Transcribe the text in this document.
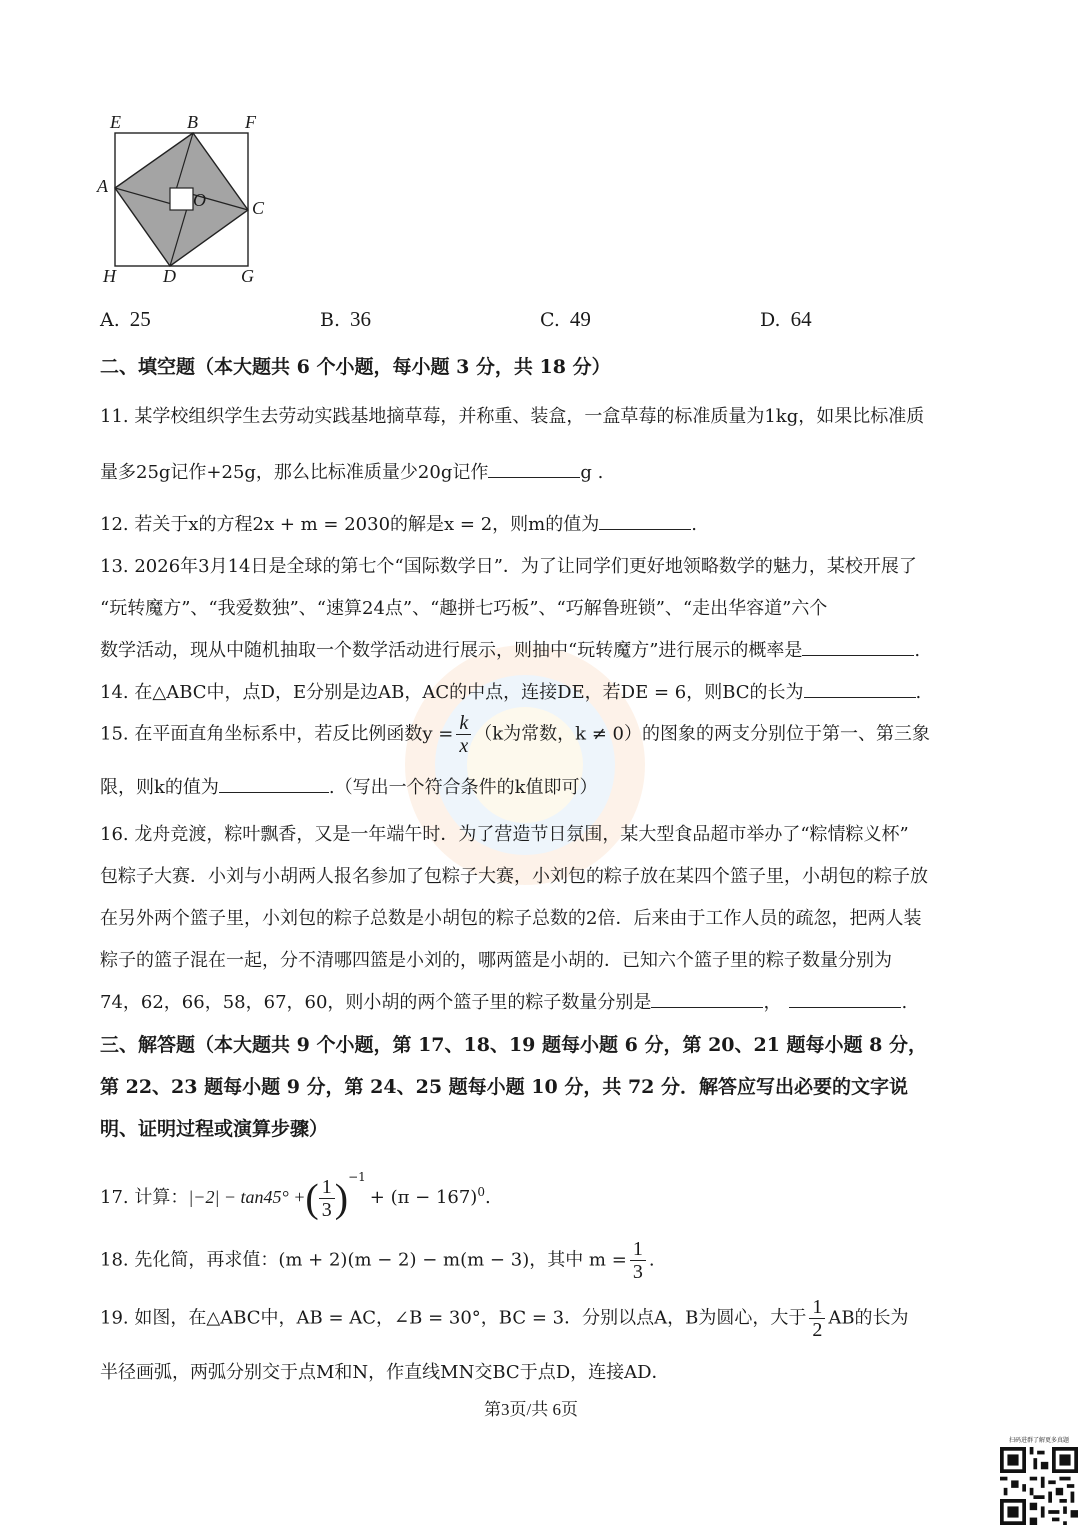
E	B	F
A
O	C
H	D	G
A. 25	B. 36	C. 49	D. 64
二、填空题（本大题共 6 个小题，每小题 3 分，共 18 分）
11. 某学校组织学生去劳动实践基地摘草莓，并称重、装盒，一盒草莓的标准质量为1kg，如果比标准质
量多25g记作+25g，那么比标准质量少20g记作	g .
12. 若关于x的方程2x + m = 2030的解是x = 2，则m的值为	.
13. 2026年3月14日是全球的第七个“国际数学日”．为了让同学们更好地领略数学的魅力，某校开展了
“玩转魔方”、“我爱数独”、“速算24点”、“趣拼七巧板”、“巧解鲁班锁”、“走出华容道”六个
数学活动，现从中随机抽取一个数学活动进行展示，则抽中“玩转魔方”进行展示的概率是	.
14. 在△ABC中，点D，E分别是边AB，AC的中点，连接DE，若DE = 6，则BC的长为	.
15. 在平面直角坐标系中，若反比例函数$y = \frac{k}{x} (k$为常数，k ≠ 0）的图象的两支分别位于第一、第三象
限，则k的值为	.（写出一个符合条件的k值即可）
16. 龙舟竞渡，粽叶飘香，又是一年端午时．为了营造节日氛围，某大型食品超市举办了“粽情粽义杯”
包粽子大赛．小刘与小胡两人报名参加了包粽子大赛，小刘包的粽子放在某四个篮子里，小胡包的粽子放
在另外两个篮子里，小刘包的粽子总数是小胡包的粽子总数的2倍．后来由于工作人员的疏忽，把两人装
粽子的篮子混在一起，分不清哪四篮是小刘的，哪两篮是小胡的．已知六个篮子里的粽子数量分别为
74，62，66，58，67，60，则小胡的两个篮子里的粽子数量分别是	，	.
三、解答题（本大题共 9 个小题，第 17、18、19 题每小题 6 分，第 20、21 题每小题 8 分，
第 22、23 题每小题 9 分，第 24、25 题每小题 10 分，共 72 分．解答应写出必要的文字说
明、证明过程或演算步骤）
17. 计算：|−2| − tan45° +( $\frac{1}{3} )^{-1}+ (\pi - 167)^0$.
18. 先化简，再求值：(m + 2)(m − 2) − m(m − 3)，其中 $m = \frac{1}{3}$ .
19. 如图，在△ABC中，AB = AC，∠B = 30°，BC = 3．分别以点A，B为圆心，大于 $\frac{1}{2}$ AB的长为
半径画弧，两弧分别交于点M和N，作直线MN交BC于点D，连接AD．
第3页/共 6页
扫码进群了解更多真题
